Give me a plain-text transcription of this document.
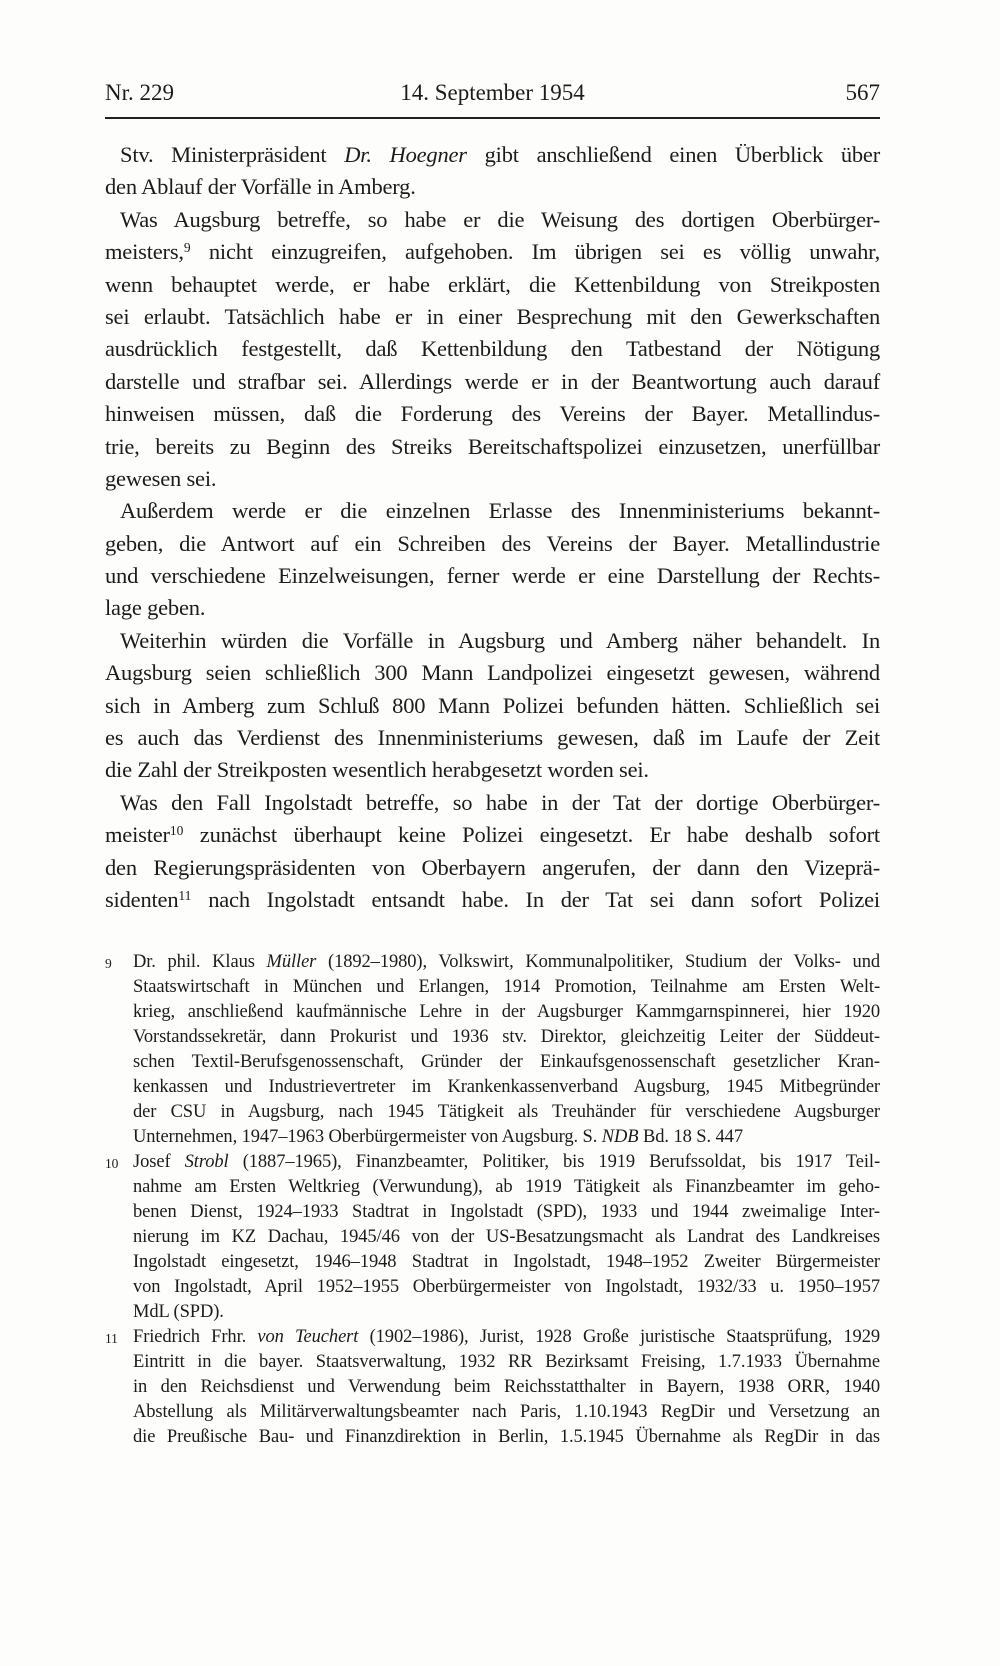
Nr. 229	14. September 1954	567
Stv. Ministerpräsident Dr. Hoegner gibt anschließend einen Überblick über
den Ablauf der Vorfälle in Amberg.
Was Augsburg betreffe, so habe er die Weisung des dortigen Oberbürger-
meisters,$^9$ nicht einzugreifen, aufgehoben. Im übrigen sei es völlig unwahr,
wenn behauptet werde, er habe erklärt, die Kettenbildung von Streikposten
sei erlaubt. Tatsächlich habe er in einer Besprechung mit den Gewerkschaften
ausdrücklich festgestellt, daß Kettenbildung den Tatbestand der Nötigung
darstelle und strafbar sei. Allerdings werde er in der Beantwortung auch darauf
hinweisen müssen, daß die Forderung des Vereins der Bayer. Metallindus-
trie, bereits zu Beginn des Streiks Bereitschaftspolizei einzusetzen, unerfüllbar
gewesen sei.
Außerdem werde er die einzelnen Erlasse des Innenministeriums bekannt-
geben, die Antwort auf ein Schreiben des Vereins der Bayer. Metallindustrie
und verschiedene Einzelweisungen, ferner werde er eine Darstellung der Rechts-
lage geben.
Weiterhin würden die Vorfälle in Augsburg und Amberg näher behandelt. In
Augsburg seien schließlich 300 Mann Landpolizei eingesetzt gewesen, während
sich in Amberg zum Schluß 800 Mann Polizei befunden hätten. Schließlich sei
es auch das Verdienst des Innenministeriums gewesen, daß im Laufe der Zeit
die Zahl der Streikposten wesentlich herabgesetzt worden sei.
Was den Fall Ingolstadt betreffe, so habe in der Tat der dortige Oberbürger-
meister$^{10}$ zunächst überhaupt keine Polizei eingesetzt. Er habe deshalb sofort
den Regierungspräsidenten von Oberbayern angerufen, der dann den Vizeprä-
sidenten$^{11}$ nach Ingolstadt entsandt habe. In der Tat sei dann sofort Polizei
9 Dr. phil. Klaus Müller (1892–1980), Volkswirt, Kommunalpolitiker, Studium der Volks- und
Staatswirtschaft in München und Erlangen, 1914 Promotion, Teilnahme am Ersten Welt-
krieg, anschließend kaufmännische Lehre in der Augsburger Kammgarnspinnerei, hier 1920
Vorstandssekretär, dann Prokurist und 1936 stv. Direktor, gleichzeitig Leiter der Süddeut-
schen Textil-Berufsgenossenschaft, Gründer der Einkaufsgenossenschaft gesetzlicher Kran-
kenkassen und Industrievertreter im Krankenkassenverband Augsburg, 1945 Mitbegründer
der CSU in Augsburg, nach 1945 Tätigkeit als Treuhänder für verschiedene Augsburger
Unternehmen, 1947–1963 Oberbürgermeister von Augsburg. S. NDB Bd. 18 S. 447
10 Josef Strobl (1887–1965), Finanzbeamter, Politiker, bis 1919 Berufssoldat, bis 1917 Teil-
nahme am Ersten Weltkrieg (Verwundung), ab 1919 Tätigkeit als Finanzbeamter im geho-
benen Dienst, 1924–1933 Stadtrat in Ingolstadt (SPD), 1933 und 1944 zweimalige Inter-
nierung im KZ Dachau, 1945/46 von der US-Besatzungsmacht als Landrat des Landkreises
Ingolstadt eingesetzt, 1946–1948 Stadtrat in Ingolstadt, 1948–1952 Zweiter Bürgermeister
von Ingolstadt, April 1952–1955 Oberbürgermeister von Ingolstadt, 1932/33 u. 1950–1957
MdL (SPD).
11 Friedrich Frhr. von Teuchert (1902–1986), Jurist, 1928 Große juristische Staatsprüfung, 1929
Eintritt in die bayer. Staatsverwaltung, 1932 RR Bezirksamt Freising, 1.7.1933 Übernahme
in den Reichsdienst und Verwendung beim Reichsstatthalter in Bayern, 1938 ORR, 1940
Abstellung als Militärverwaltungsbeamter nach Paris, 1.10.1943 RegDir und Versetzung an
die Preußische Bau- und Finanzdirektion in Berlin, 1.5.1945 Übernahme als RegDir in das
